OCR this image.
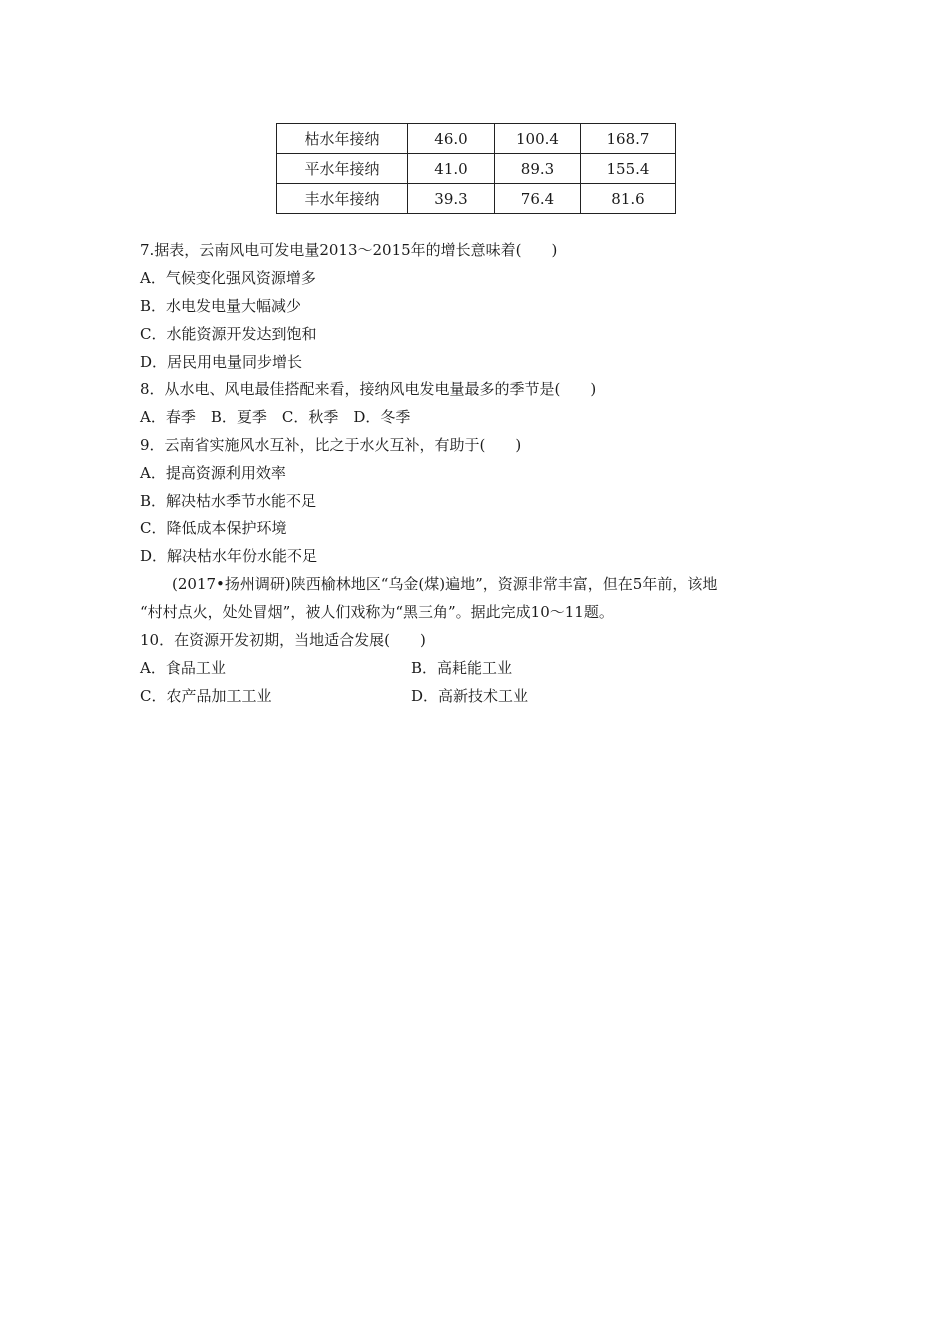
枯水年接纳	46.0	100.4	168.7
平水年接纳	41.0	89.3	155.4
丰水年接纳	39.3	76.4	81.6
7.据表，云南风电可发电量2013～2015年的增长意味着(　　)
A．气候变化强风资源增多
B．水电发电量大幅减少
C．水能资源开发达到饱和
D．居民用电量同步增长
8．从水电、风电最佳搭配来看，接纳风电发电量最多的季节是(　　)
A．春季　B．夏季　C．秋季　D．冬季
9．云南省实施风水互补，比之于水火互补，有助于(　　)
A．提高资源利用效率
B．解决枯水季节水能不足
C．降低成本保护环境
D．解决枯水年份水能不足
(2017•扬州调研)陕西榆林地区“乌金(煤)遍地”，资源非常丰富，但在5年前，该地
“村村点火，处处冒烟”，被人们戏称为“黑三角”。据此完成10～11题。
10．在资源开发初期，当地适合发展(　　)
A．食品工业	B．高耗能工业
C．农产品加工工业	D．高新技术工业
